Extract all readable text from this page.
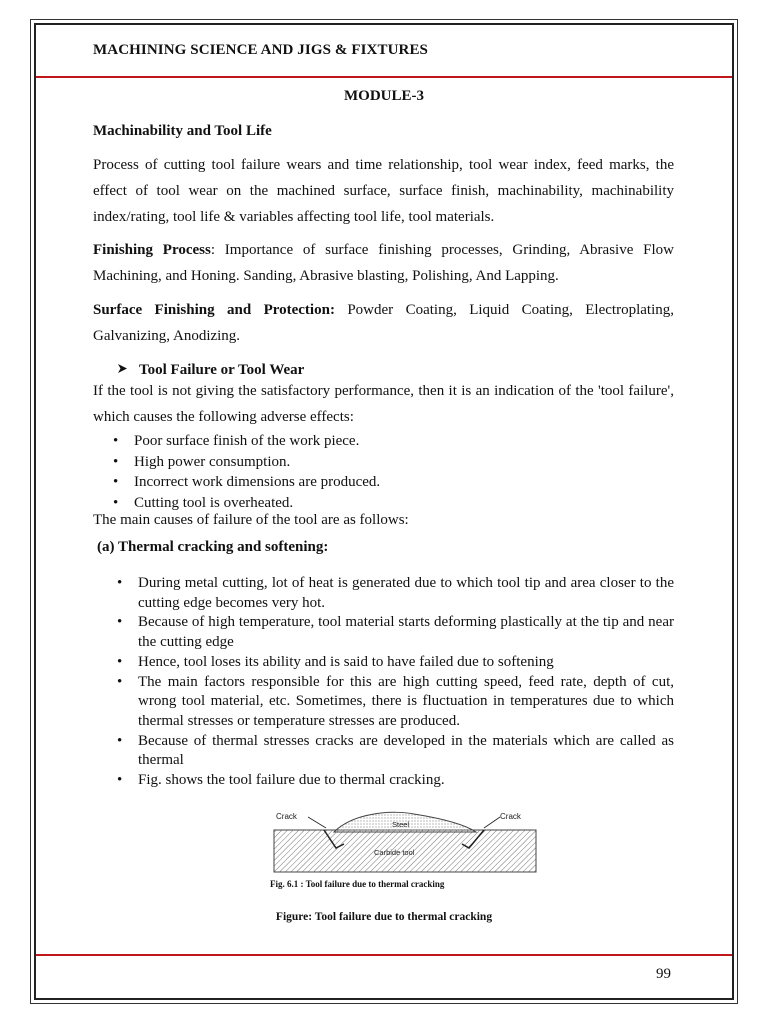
MACHINING SCIENCE AND JIGS & FIXTURES
MODULE-3
Machinability and Tool Life

Process of cutting tool failure wears and time relationship, tool wear index, feed marks, the effect of tool wear on the machined surface, surface finish, machinability, machinability index/rating, tool life & variables affecting tool life, tool materials.

Finishing Process: Importance of surface finishing processes, Grinding, Abrasive Flow Machining, and Honing. Sanding, Abrasive blasting, Polishing, And Lapping.

Surface Finishing and Protection: Powder Coating, Liquid Coating, Electroplating, Galvanizing, Anodizing.

Tool Failure or Tool Wear

If the tool is not giving the satisfactory performance, then it is an indication of the 'tool failure', which causes the following adverse effects:

• Poor surface finish of the work piece.
• High power consumption.
• Incorrect work dimensions are produced.
• Cutting tool is overheated.
The main causes of failure of the tool are as follows:
(a) Thermal cracking and softening:
• During metal cutting, lot of heat is generated due to which tool tip and area closer to the cutting edge becomes very hot.
• Because of high temperature, tool material starts deforming plastically at the tip and near the cutting edge
• Hence, tool loses its ability and is said to have failed due to softening
• The main factors responsible for this are high cutting speed, feed rate, depth of cut, wrong tool material, etc. Sometimes, there is fluctuation in temperatures due to which thermal stresses or temperature stresses are produced.
• Because of thermal stresses cracks are developed in the materials which are called as thermal
• Fig. shows the tool failure due to thermal cracking.
Crack	Crack
Steel
Carbide tool
Fig. 6.1 : Tool failure due to thermal cracking
Figure: Tool failure due to thermal cracking
99
